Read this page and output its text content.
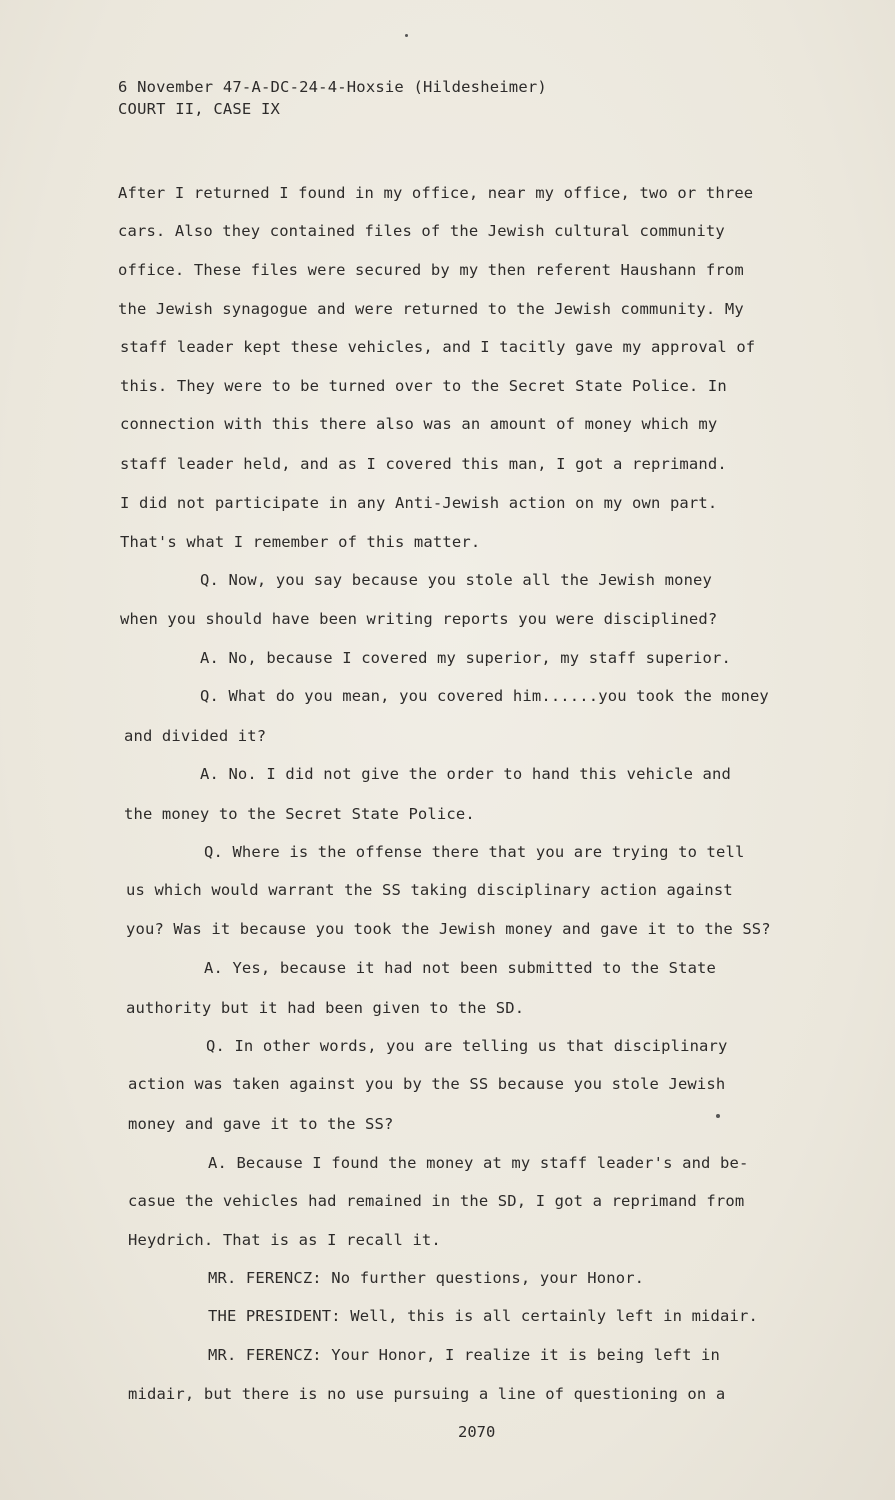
6 November 47-A-DC-24-4-Hoxsie (Hildesheimer)
COURT II, CASE IX
After I returned I found in my office, near my office, two or three
cars. Also they contained files of the Jewish cultural community
office. These files were secured by my then referent Haushann from
the Jewish synagogue and were returned to the Jewish community. My
staff leader kept these vehicles, and I tacitly gave my approval of
this. They were to be turned over to the Secret State Police. In
connection with this there also was an amount of money which my
staff leader held, and as I covered this man, I got a reprimand.
I did not participate in any Anti-Jewish action on my own part.
That's what I remember of this matter.
Q. Now, you say because you stole all the Jewish money
when you should have been writing reports you were disciplined?
A. No, because I covered my superior, my staff superior.
Q. What do you mean, you covered him......you took the money
and divided it?
A. No. I did not give the order to hand this vehicle and
the money to the Secret State Police.
Q. Where is the offense there that you are trying to tell
us which would warrant the SS taking disciplinary action against
you? Was it because you took the Jewish money and gave it to the SS?
A. Yes, because it had not been submitted to the State
authority but it had been given to the SD.
Q. In other words, you are telling us that disciplinary
action was taken against you by the SS because you stole Jewish
money and gave it to the SS?
A. Because I found the money at my staff leader's and be-
casue the vehicles had remained in the SD, I got a reprimand from
Heydrich. That is as I recall it.
MR. FERENCZ: No further questions, your Honor.
THE PRESIDENT: Well, this is all certainly left in midair.
MR. FERENCZ: Your Honor, I realize it is being left in
midair, but there is no use pursuing a line of questioning on a
2070
